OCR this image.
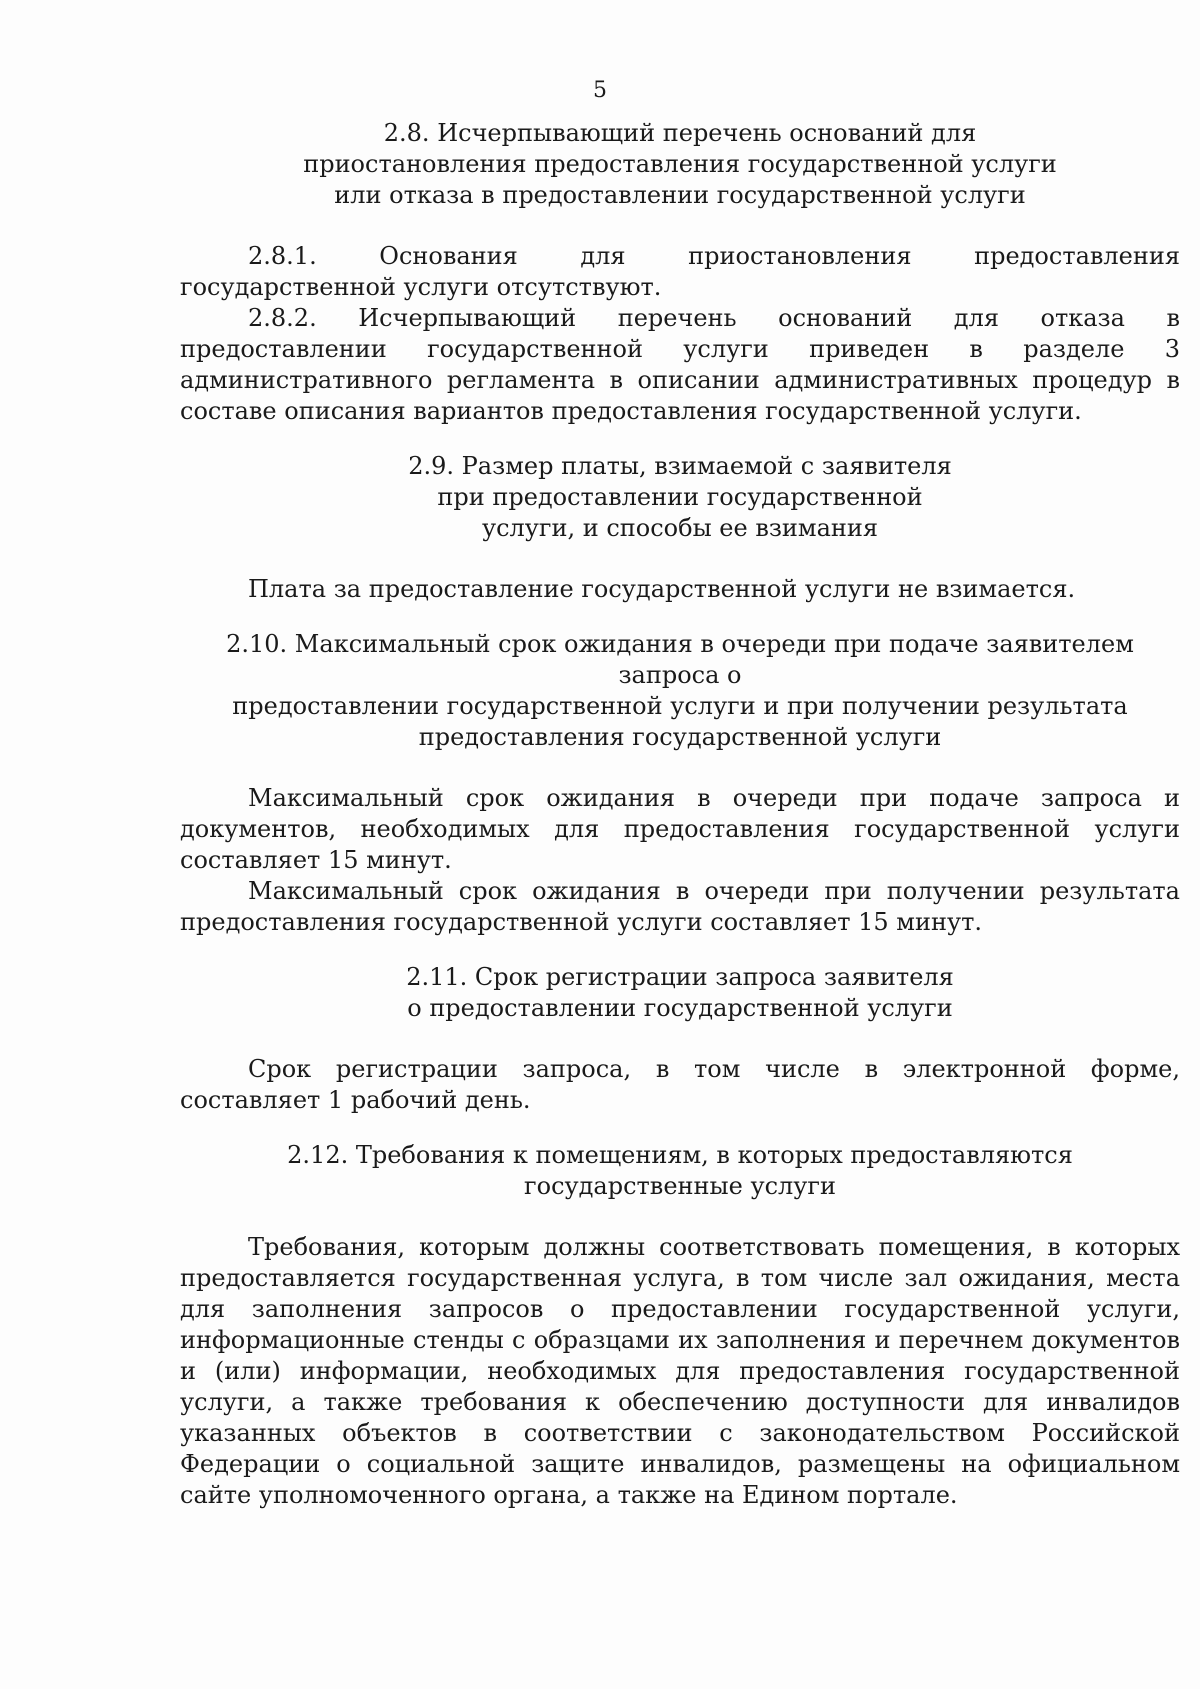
5
2.8. Исчерпывающий перечень оснований для
приостановления предоставления государственной услуги
или отказа в предоставлении государственной услуги

2.8.1. Основания для приостановления предоставления государственной услуги отсутствуют.

2.8.2. Исчерпывающий перечень оснований для отказа в предоставлении государственной услуги приведен в разделе 3 административного регламента в описании административных процедур в составе описания вариантов предоставления государственной услуги.

2.9. Размер платы, взимаемой с заявителя
при предоставлении государственной
услуги, и способы ее взимания

Плата за предоставление государственной услуги не взимается.

2.10. Максимальный срок ожидания в очереди при подаче заявителем запроса о
предоставлении государственной услуги и при получении результата
предоставления государственной услуги

Максимальный срок ожидания в очереди при подаче запроса и документов, необходимых для предоставления государственной услуги составляет 15 минут.

Максимальный срок ожидания в очереди при получении результата предоставления государственной услуги составляет 15 минут.

2.11. Срок регистрации запроса заявителя
о предоставлении государственной услуги

Срок регистрации запроса, в том числе в электронной форме, составляет 1 рабочий день.

2.12. Требования к помещениям, в которых предоставляются
государственные услуги

Требования, которым должны соответствовать помещения, в которых предоставляется государственная услуга, в том числе зал ожидания, места для заполнения запросов о предоставлении государственной услуги, информационные стенды с образцами их заполнения и перечнем документов и (или) информации, необходимых для предоставления государственной услуги, а также требования к обеспечению доступности для инвалидов указанных объектов в соответствии с законодательством Российской Федерации о социальной защите инвалидов, размещены на официальном сайте уполномоченного органа, а также на Едином портале.
